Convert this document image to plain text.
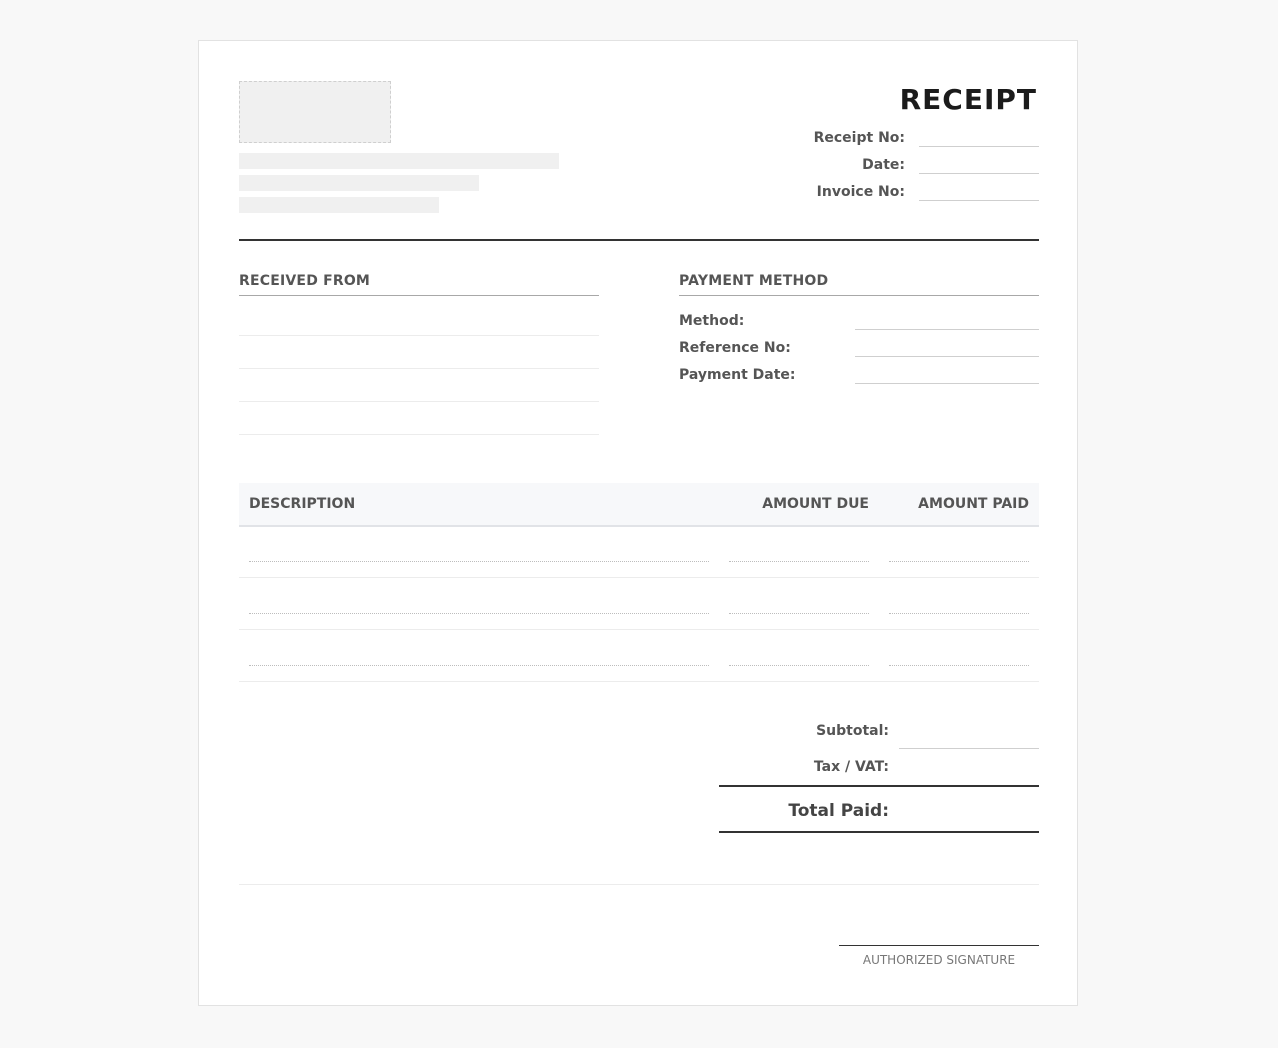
RECEIPT
Receipt No:
Date:
Invoice No:
RECEIVED FROM	PAYMENT METHOD
Method:
Reference No:
Payment Date:
DESCRIPTION	AMOUNT DUE	AMOUNT PAID
Subtotal:
Tax / VAT:
Total Paid:
AUTHORIZED SIGNATURE
